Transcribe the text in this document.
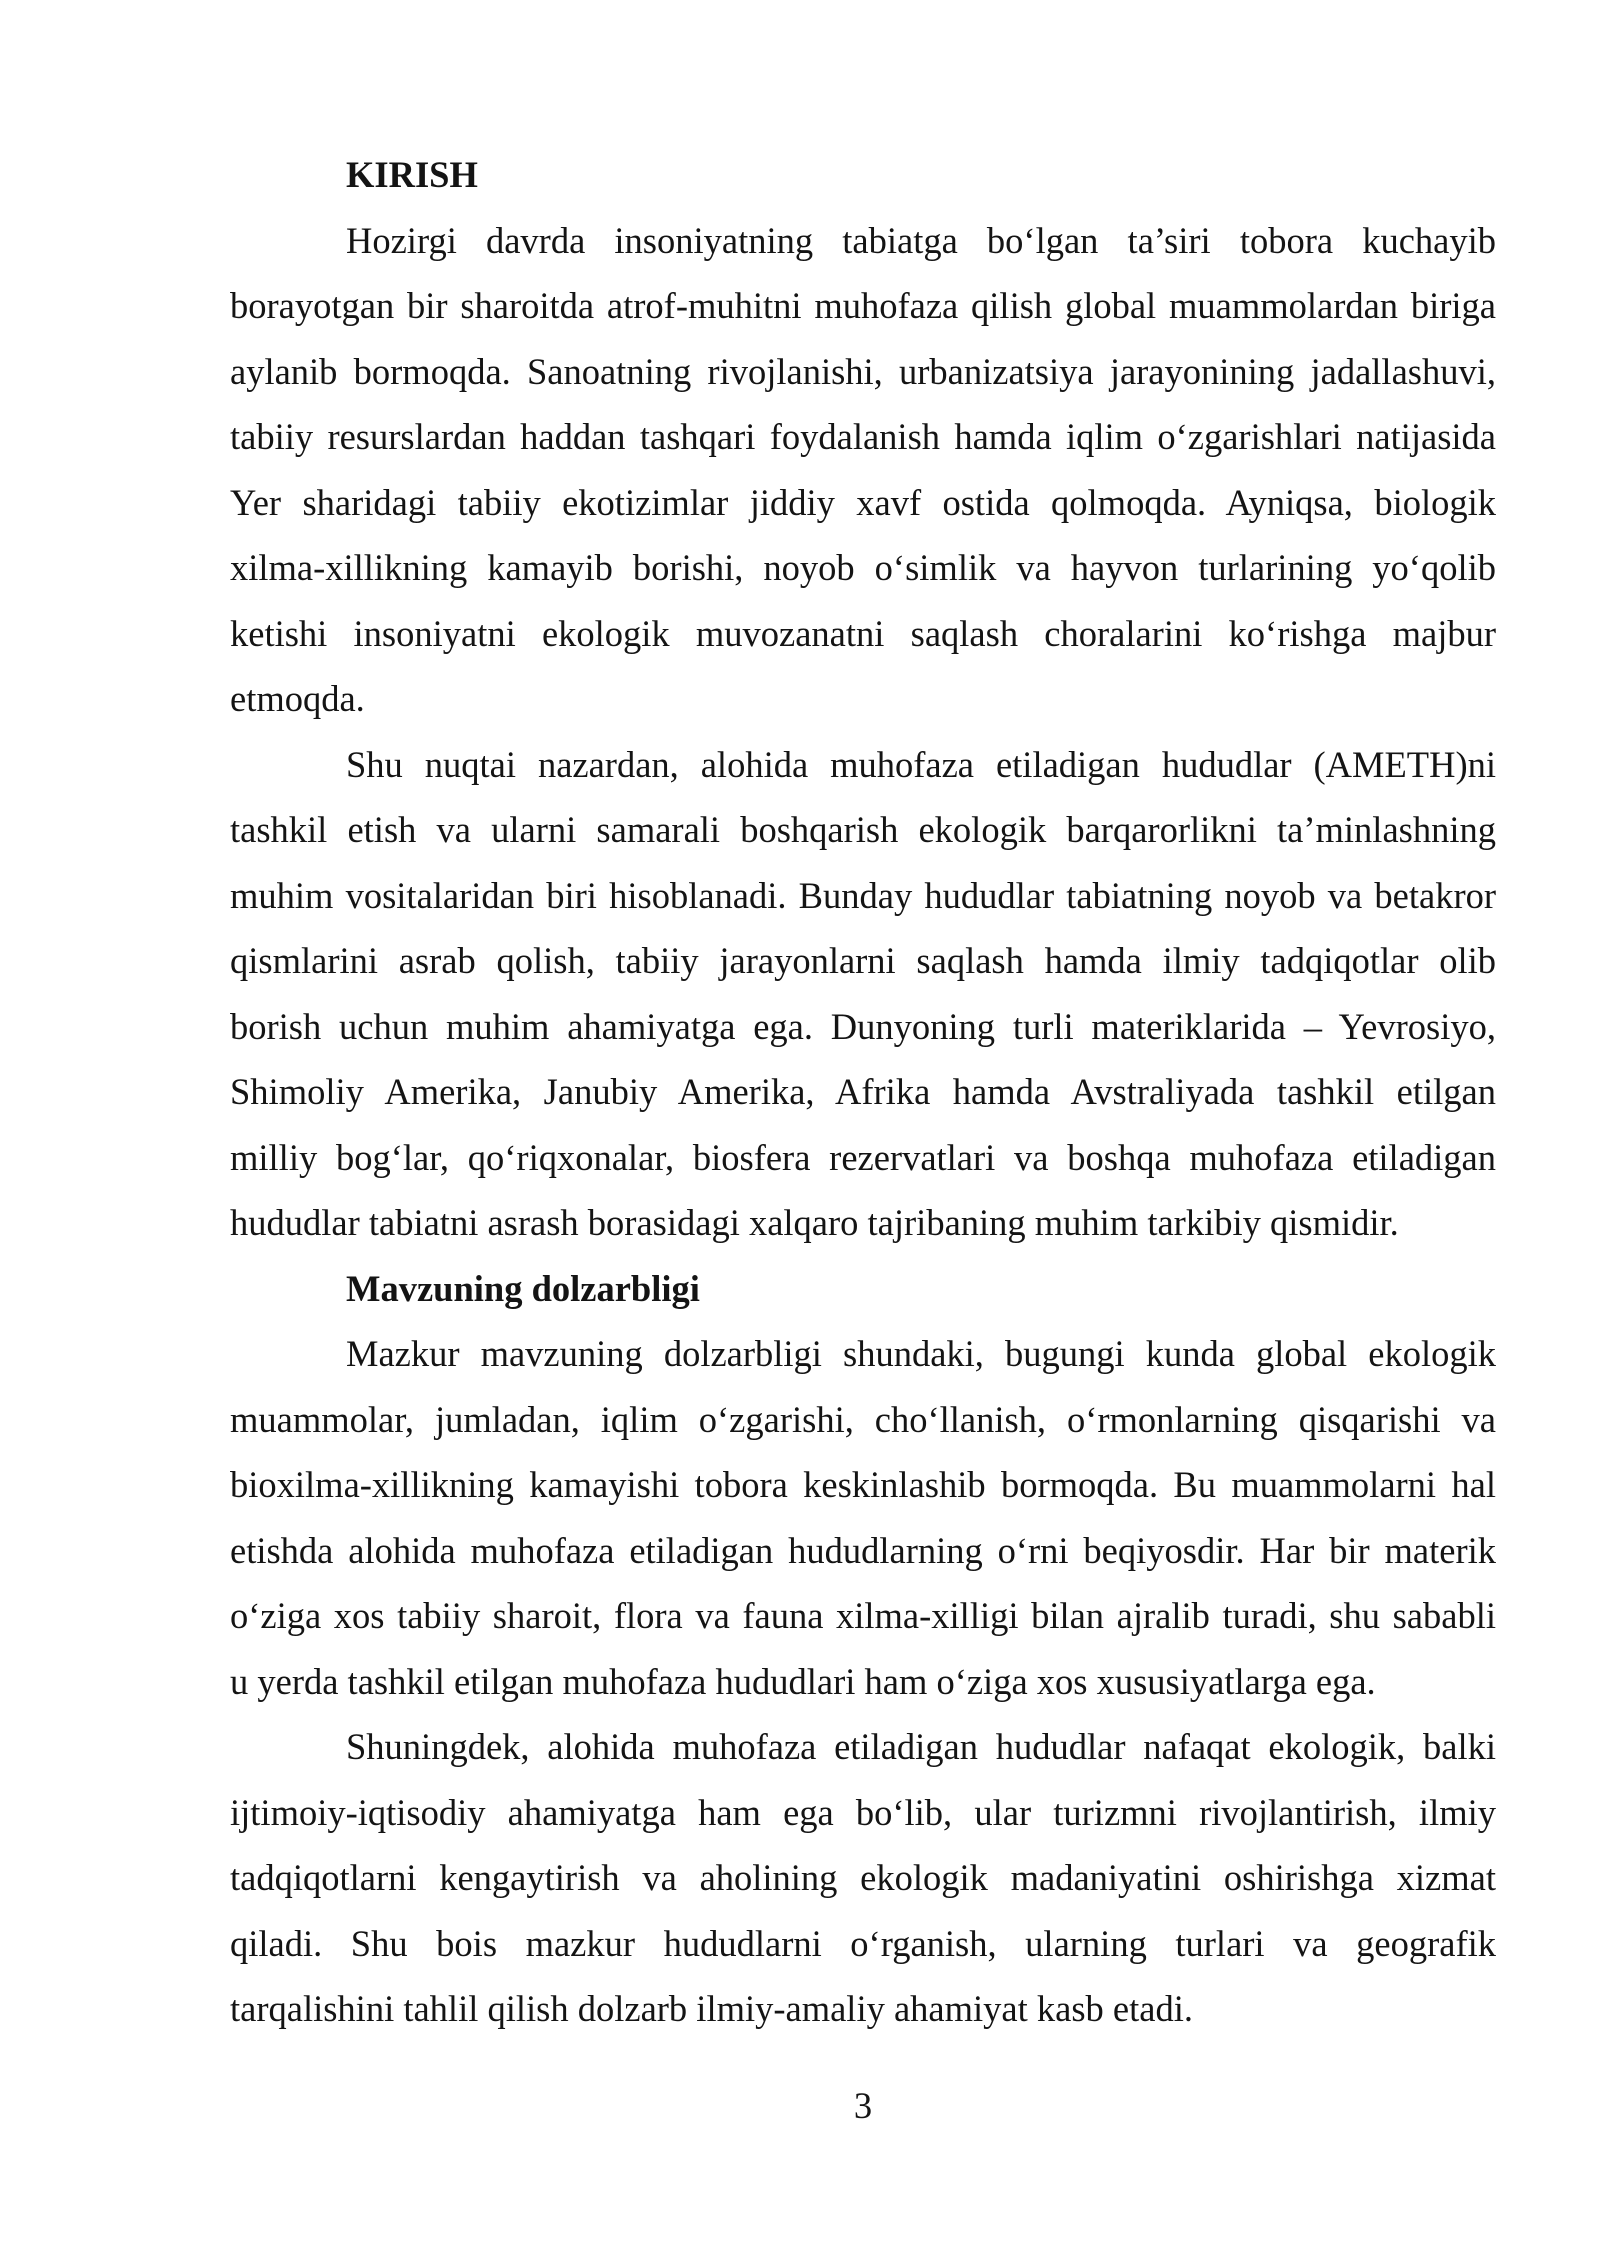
KIRISH
Hozirgi davrda insoniyatning tabiatga bo‘lgan ta’siri tobora kuchayib
borayotgan bir sharoitda atrof-muhitni muhofaza qilish global muammolardan biriga
aylanib bormoqda. Sanoatning rivojlanishi, urbanizatsiya jarayonining jadallashuvi,
tabiiy resurslardan haddan tashqari foydalanish hamda iqlim o‘zgarishlari natijasida
Yer sharidagi tabiiy ekotizimlar jiddiy xavf ostida qolmoqda. Ayniqsa, biologik
xilma-xillikning kamayib borishi, noyob o‘simlik va hayvon turlarining yo‘qolib
ketishi insoniyatni ekologik muvozanatni saqlash choralarini ko‘rishga majbur
etmoqda.
Shu nuqtai nazardan, alohida muhofaza etiladigan hududlar (AMETH)ni
tashkil etish va ularni samarali boshqarish ekologik barqarorlikni ta’minlashning
muhim vositalaridan biri hisoblanadi. Bunday hududlar tabiatning noyob va betakror
qismlarini asrab qolish, tabiiy jarayonlarni saqlash hamda ilmiy tadqiqotlar olib
borish uchun muhim ahamiyatga ega. Dunyoning turli materiklarida – Yevrosiyo,
Shimoliy Amerika, Janubiy Amerika, Afrika hamda Avstraliyada tashkil etilgan
milliy bog‘lar, qo‘riqxonalar, biosfera rezervatlari va boshqa muhofaza etiladigan
hududlar tabiatni asrash borasidagi xalqaro tajribaning muhim tarkibiy qismidir.
Mavzuning dolzarbligi
Mazkur mavzuning dolzarbligi shundaki, bugungi kunda global ekologik
muammolar, jumladan, iqlim o‘zgarishi, cho‘llanish, o‘rmonlarning qisqarishi va
bioxilma-xillikning kamayishi tobora keskinlashib bormoqda. Bu muammolarni hal
etishda alohida muhofaza etiladigan hududlarning o‘rni beqiyosdir. Har bir materik
o‘ziga xos tabiiy sharoit, flora va fauna xilma-xilligi bilan ajralib turadi, shu sababli
u yerda tashkil etilgan muhofaza hududlari ham o‘ziga xos xususiyatlarga ega.
Shuningdek, alohida muhofaza etiladigan hududlar nafaqat ekologik, balki
ijtimoiy-iqtisodiy ahamiyatga ham ega bo‘lib, ular turizmni rivojlantirish, ilmiy
tadqiqotlarni kengaytirish va aholining ekologik madaniyatini oshirishga xizmat
qiladi. Shu bois mazkur hududlarni o‘rganish, ularning turlari va geografik
tarqalishini tahlil qilish dolzarb ilmiy-amaliy ahamiyat kasb etadi.
3
